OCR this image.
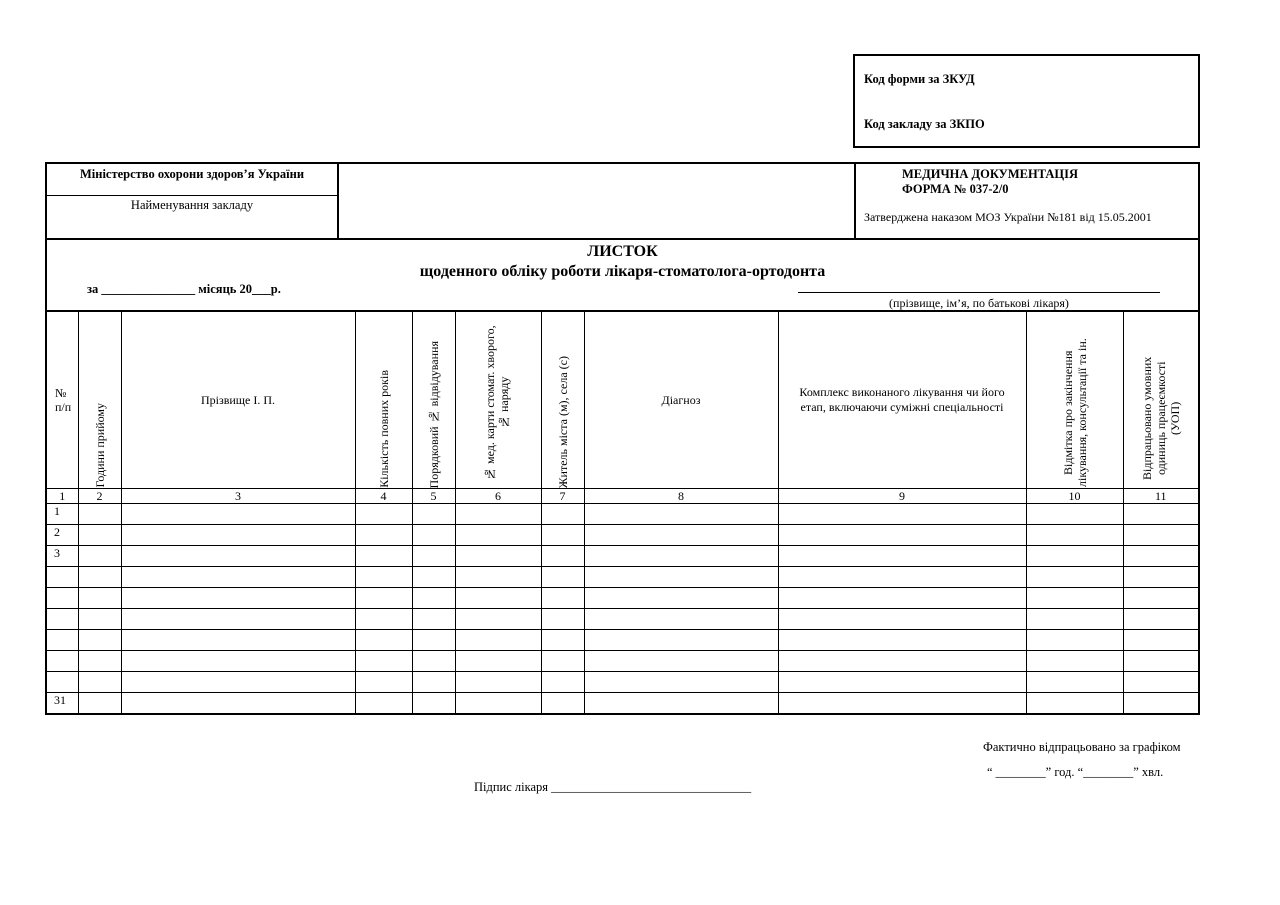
Код форми за ЗКУД
Код закладу за ЗКПО
Міністерство охорони здоров’я України
Найменування закладу
МЕДИЧНА ДОКУМЕНТАЦІЯ
ФОРМА № 037-2/0
Затверджена наказом МОЗ України №181 від 15.05.2001
ЛИСТОК
щоденного обліку роботи лікаря-стоматолога-ортодонта
за _______________ місяць 20___р.
(прізвище, ім’я, по батькові лікаря)
№ п/п	Години прийому	Прізвище І. П.	Кількість повних років	Порядковий № відвідування	№ мед. карти стомат. хворого, № наряду	Житель міста (м), села (с)	Діагноз	Комплекс виконаного лікування чи його етап, включаючи суміжні спеціальності	Відмітка про закінчення лікування, консультації та ін.	Відпрацьовано умовних одиниць працеємкості (УОП)

1	2	3	4	5	6	7	8	9	10	11
1										
2										
3										

31										
Фактично відпрацьовано за графіком
“ ________” год. “________” хвл.
Підпис лікаря ________________________________
